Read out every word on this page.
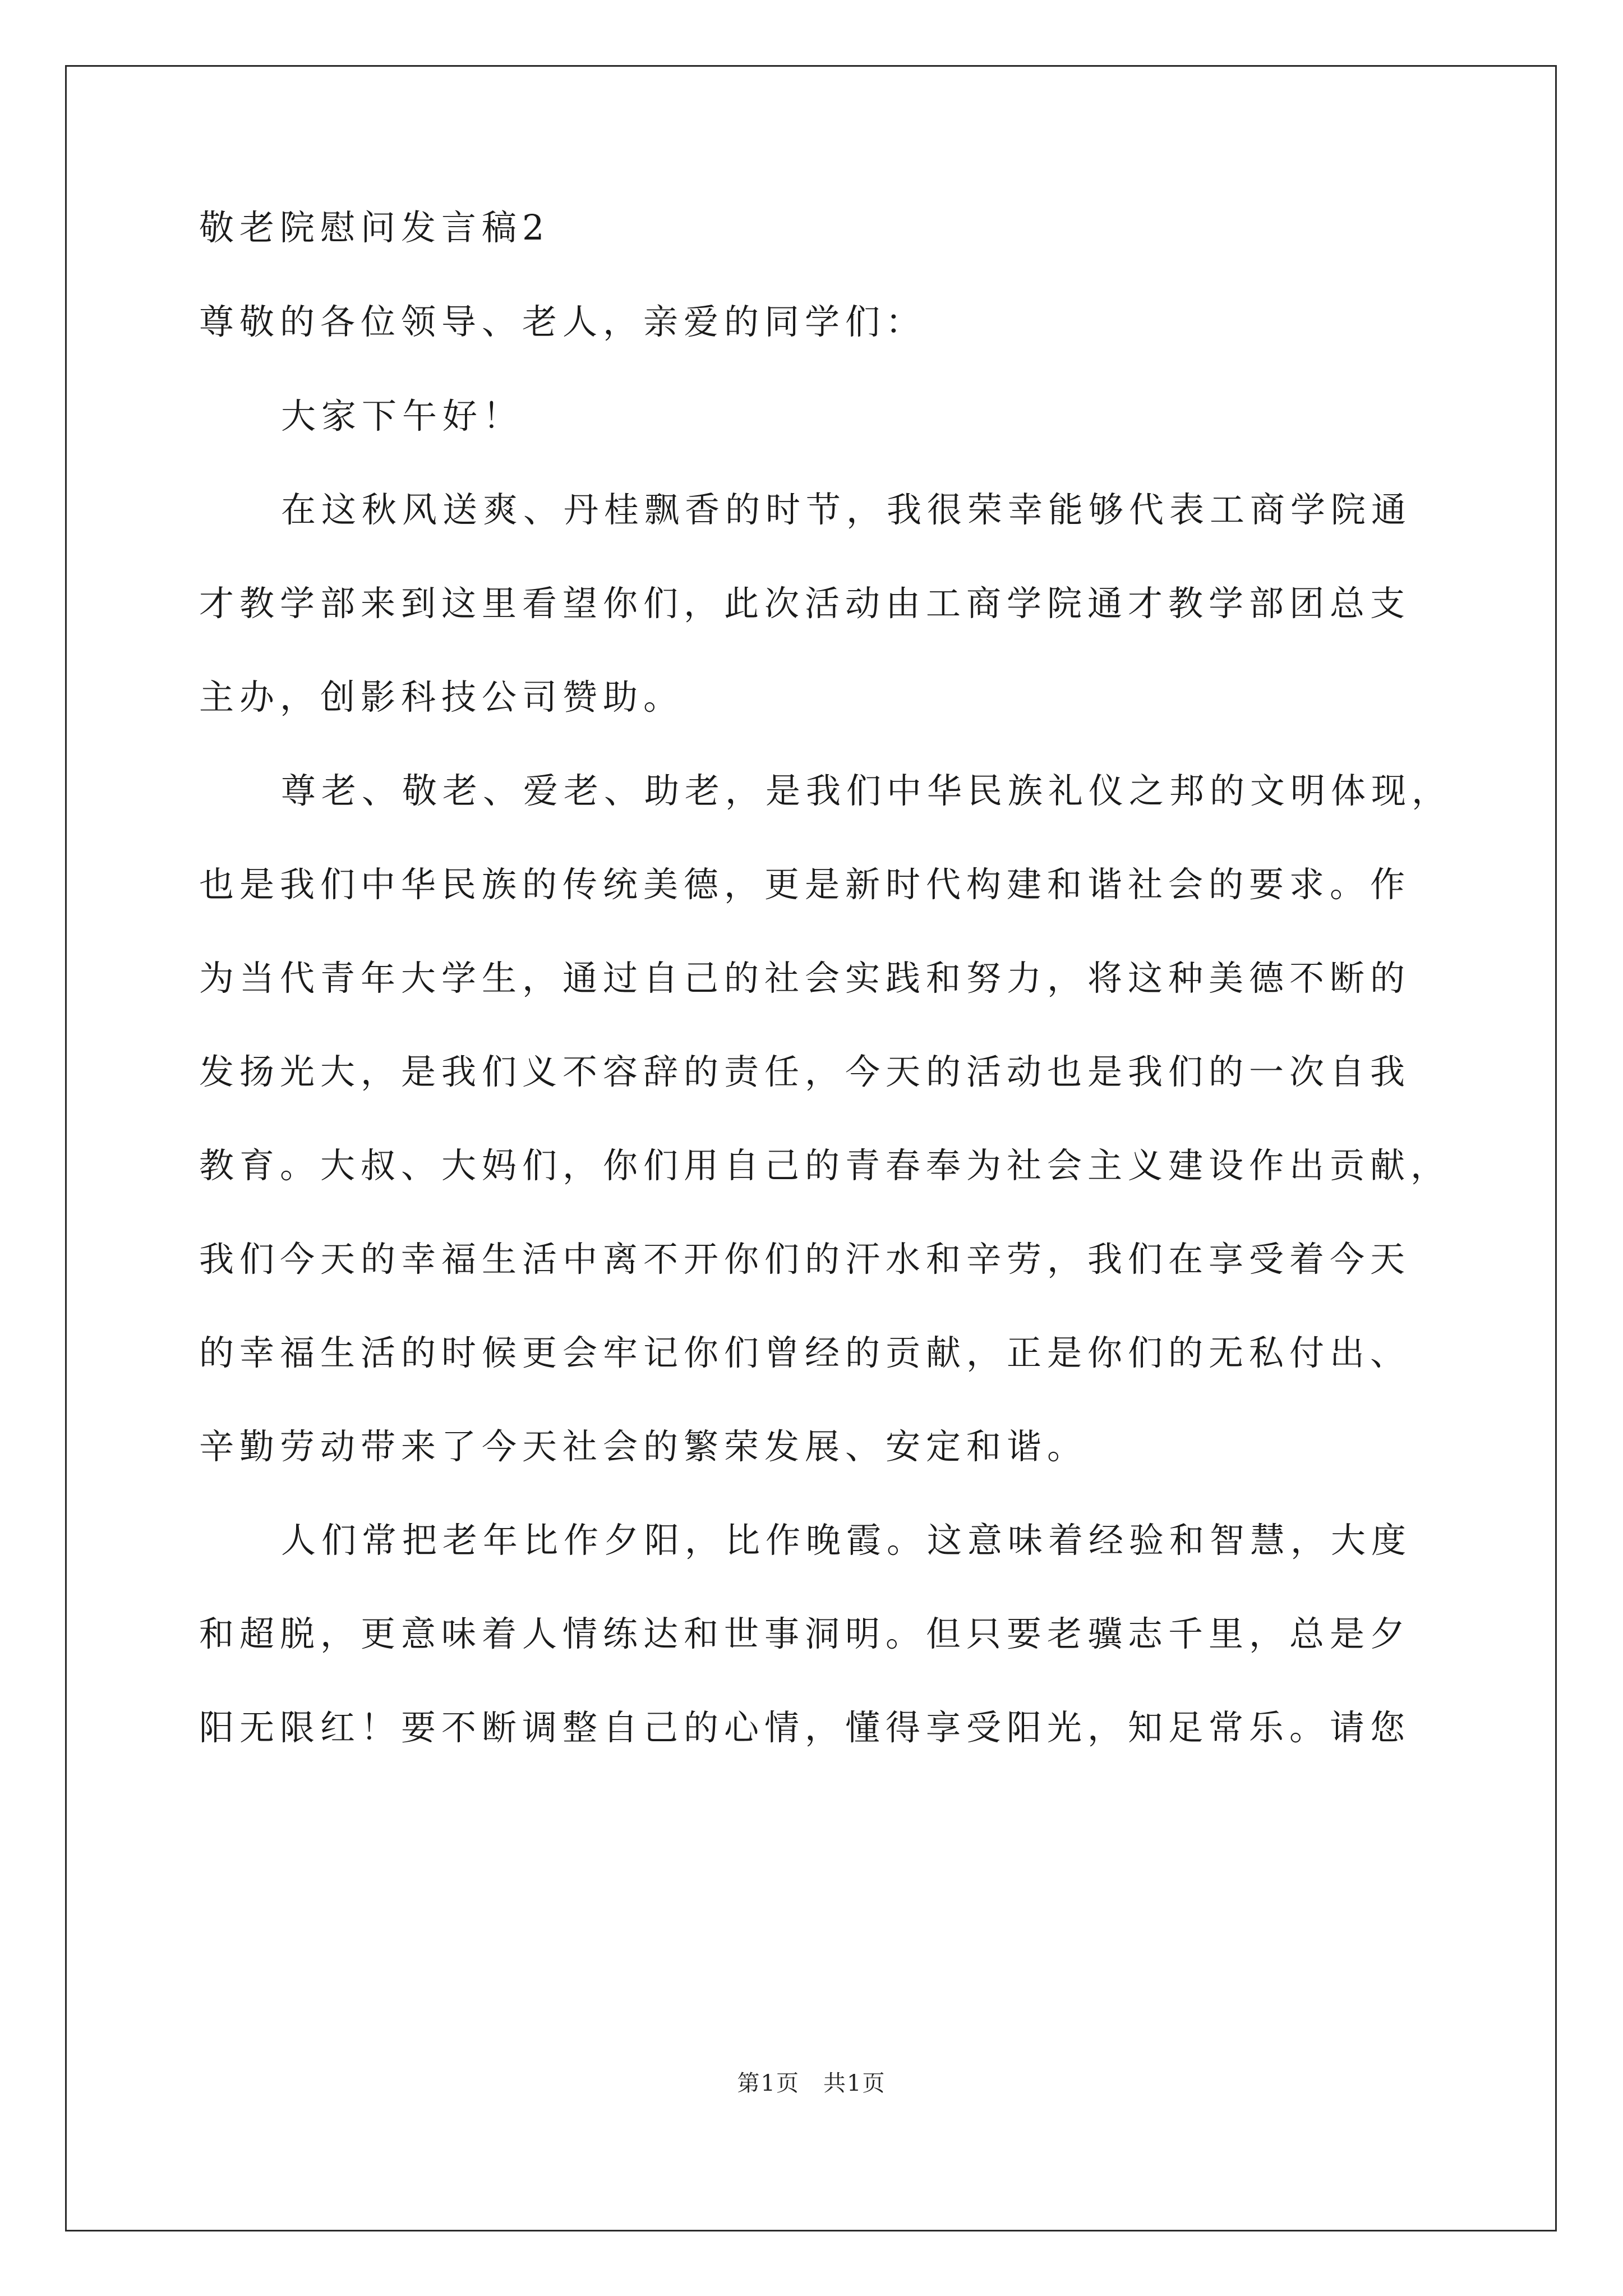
敬老院慰问发言稿2
尊敬的各位领导、老人，亲爱的同学们：
大家下午好！
在这秋风送爽、丹桂飘香的时节，我很荣幸能够代表工商学院通
才教学部来到这里看望你们，此次活动由工商学院通才教学部团总支
主办，创影科技公司赞助。
尊老、敬老、爱老、助老，是我们中华民族礼仪之邦的文明体现，
也是我们中华民族的传统美德，更是新时代构建和谐社会的要求。作
为当代青年大学生，通过自己的社会实践和努力，将这种美德不断的
发扬光大，是我们义不容辞的责任，今天的活动也是我们的一次自我
教育。大叔、大妈们，你们用自己的青春奉为社会主义建设作出贡献，
我们今天的幸福生活中离不开你们的汗水和辛劳，我们在享受着今天
的幸福生活的时候更会牢记你们曾经的贡献，正是你们的无私付出、
辛勤劳动带来了今天社会的繁荣发展、安定和谐。
人们常把老年比作夕阳，比作晚霞。这意味着经验和智慧，大度
和超脱，更意味着人情练达和世事洞明。但只要老骥志千里，总是夕
阳无限红！要不断调整自己的心情，懂得享受阳光，知足常乐。请您
第1页　共1页
